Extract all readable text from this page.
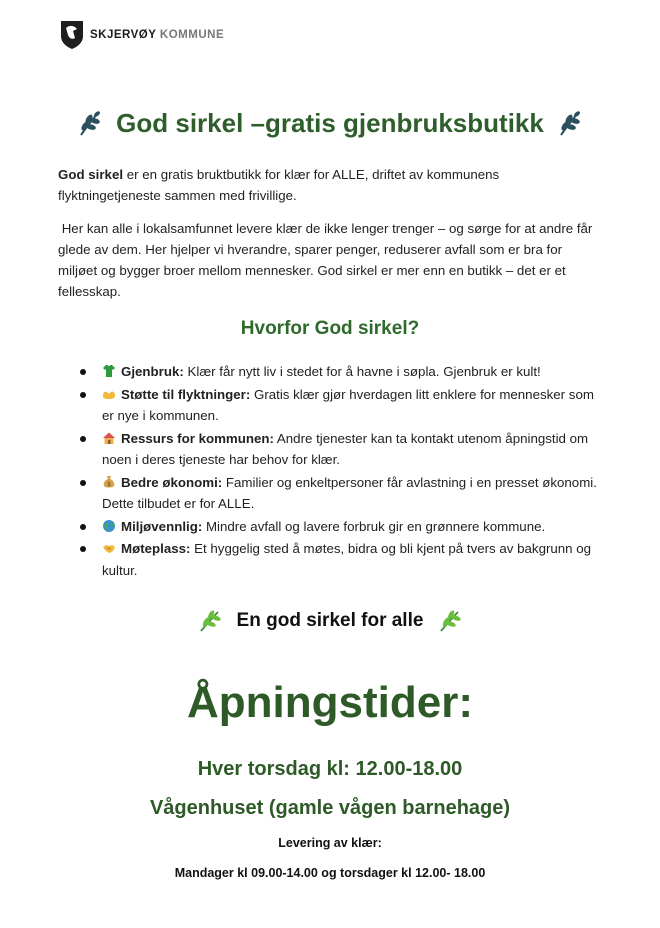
SKJERVØY KOMMUNE
God sirkel –gratis gjenbruksbutikk

God sirkel er en gratis bruktbutikk for klær for ALLE, driftet av kommunens flyktningetjeneste sammen med frivillige.

Her kan alle i lokalsamfunnet levere klær de ikke lenger trenger – og sørge for at andre får glede av dem. Her hjelper vi hverandre, sparer penger, reduserer avfall som er bra for miljøet og bygger broer mellom mennesker. God sirkel er mer enn en butikk – det er et fellesskap.

Hvorfor God sirkel?
Gjenbruk: Klær får nytt liv i stedet for å havne i søpla. Gjenbruk er kult!
Støtte til flyktninger: Gratis klær gjør hverdagen litt enklere for mennesker som er nye i kommunen.
Ressurs for kommunen: Andre tjenester kan ta kontakt utenom åpningstid om noen i deres tjeneste har behov for klær.
$ Bedre økonomi: Familier og enkeltpersoner får avlastning i en presset økonomi. Dette tilbudet er for ALLE.
Miljøvennlig: Mindre avfall og lavere forbruk gir en grønnere kommune.
Møteplass: Et hyggelig sted å møtes, bidra og bli kjent på tvers av bakgrunn og kultur.
En god sirkel for alle
Åpningstider:
Hver torsdag kl: 12.00-18.00
Vågenhuset (gamle vågen barnehage)
Levering av klær:
Mandager kl 09.00-14.00 og torsdager kl 12.00- 18.00
